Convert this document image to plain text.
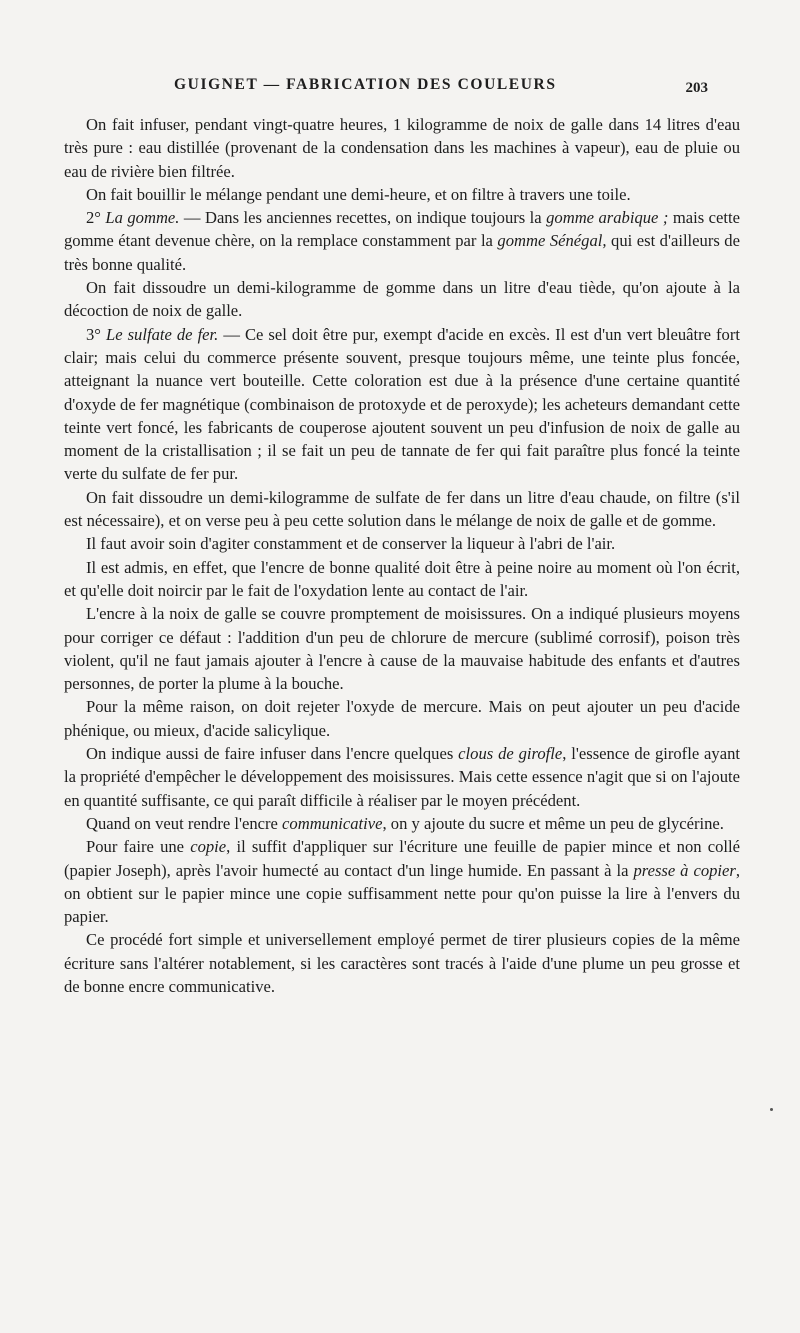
GUIGNET — FABRICATION DES COULEURS	203

On fait infuser, pendant vingt-quatre heures, 1 kilogramme de noix de galle dans 14 litres d'eau très pure : eau distillée (provenant de la condensation dans les machines à vapeur), eau de pluie ou eau de rivière bien filtrée.

On fait bouillir le mélange pendant une demi-heure, et on filtre à travers une toile.

2° La gomme. — Dans les anciennes recettes, on indique toujours la gomme arabique ; mais cette gomme étant devenue chère, on la remplace constamment par la gomme Sénégal, qui est d'ailleurs de très bonne qualité.

On fait dissoudre un demi-kilogramme de gomme dans un litre d'eau tiède, qu'on ajoute à la décoction de noix de galle.

3° Le sulfate de fer. — Ce sel doit être pur, exempt d'acide en excès. Il est d'un vert bleuâtre fort clair; mais celui du commerce présente souvent, presque toujours même, une teinte plus foncée, atteignant la nuance vert bouteille. Cette coloration est due à la présence d'une certaine quantité d'oxyde de fer magnétique (combinaison de protoxyde et de peroxyde); les acheteurs demandant cette teinte vert foncé, les fabricants de couperose ajoutent souvent un peu d'infusion de noix de galle au moment de la cristallisation ; il se fait un peu de tannate de fer qui fait paraître plus foncé la teinte verte du sulfate de fer pur.

On fait dissoudre un demi-kilogramme de sulfate de fer dans un litre d'eau chaude, on filtre (s'il est nécessaire), et on verse peu à peu cette solution dans le mélange de noix de galle et de gomme.

Il faut avoir soin d'agiter constamment et de conserver la liqueur à l'abri de l'air.

Il est admis, en effet, que l'encre de bonne qualité doit être à peine noire au moment où l'on écrit, et qu'elle doit noircir par le fait de l'oxydation lente au contact de l'air.

L'encre à la noix de galle se couvre promptement de moisissures. On a indiqué plusieurs moyens pour corriger ce défaut : l'addition d'un peu de chlorure de mercure (sublimé corrosif), poison très violent, qu'il ne faut jamais ajouter à l'encre à cause de la mauvaise habitude des enfants et d'autres personnes, de porter la plume à la bouche.

Pour la même raison, on doit rejeter l'oxyde de mercure. Mais on peut ajouter un peu d'acide phénique, ou mieux, d'acide salicylique.

On indique aussi de faire infuser dans l'encre quelques clous de girofle, l'essence de girofle ayant la propriété d'empêcher le développement des moisissures. Mais cette essence n'agit que si on l'ajoute en quantité suffisante, ce qui paraît difficile à réaliser par le moyen précédent.

Quand on veut rendre l'encre communicative, on y ajoute du sucre et même un peu de glycérine.

Pour faire une copie, il suffit d'appliquer sur l'écriture une feuille de papier mince et non collé (papier Joseph), après l'avoir humecté au contact d'un linge humide. En passant à la presse à copier, on obtient sur le papier mince une copie suffisamment nette pour qu'on puisse la lire à l'envers du papier.

Ce procédé fort simple et universellement employé permet de tirer plusieurs copies de la même écriture sans l'altérer notablement, si les caractères sont tracés à l'aide d'une plume un peu grosse et de bonne encre communicative.
